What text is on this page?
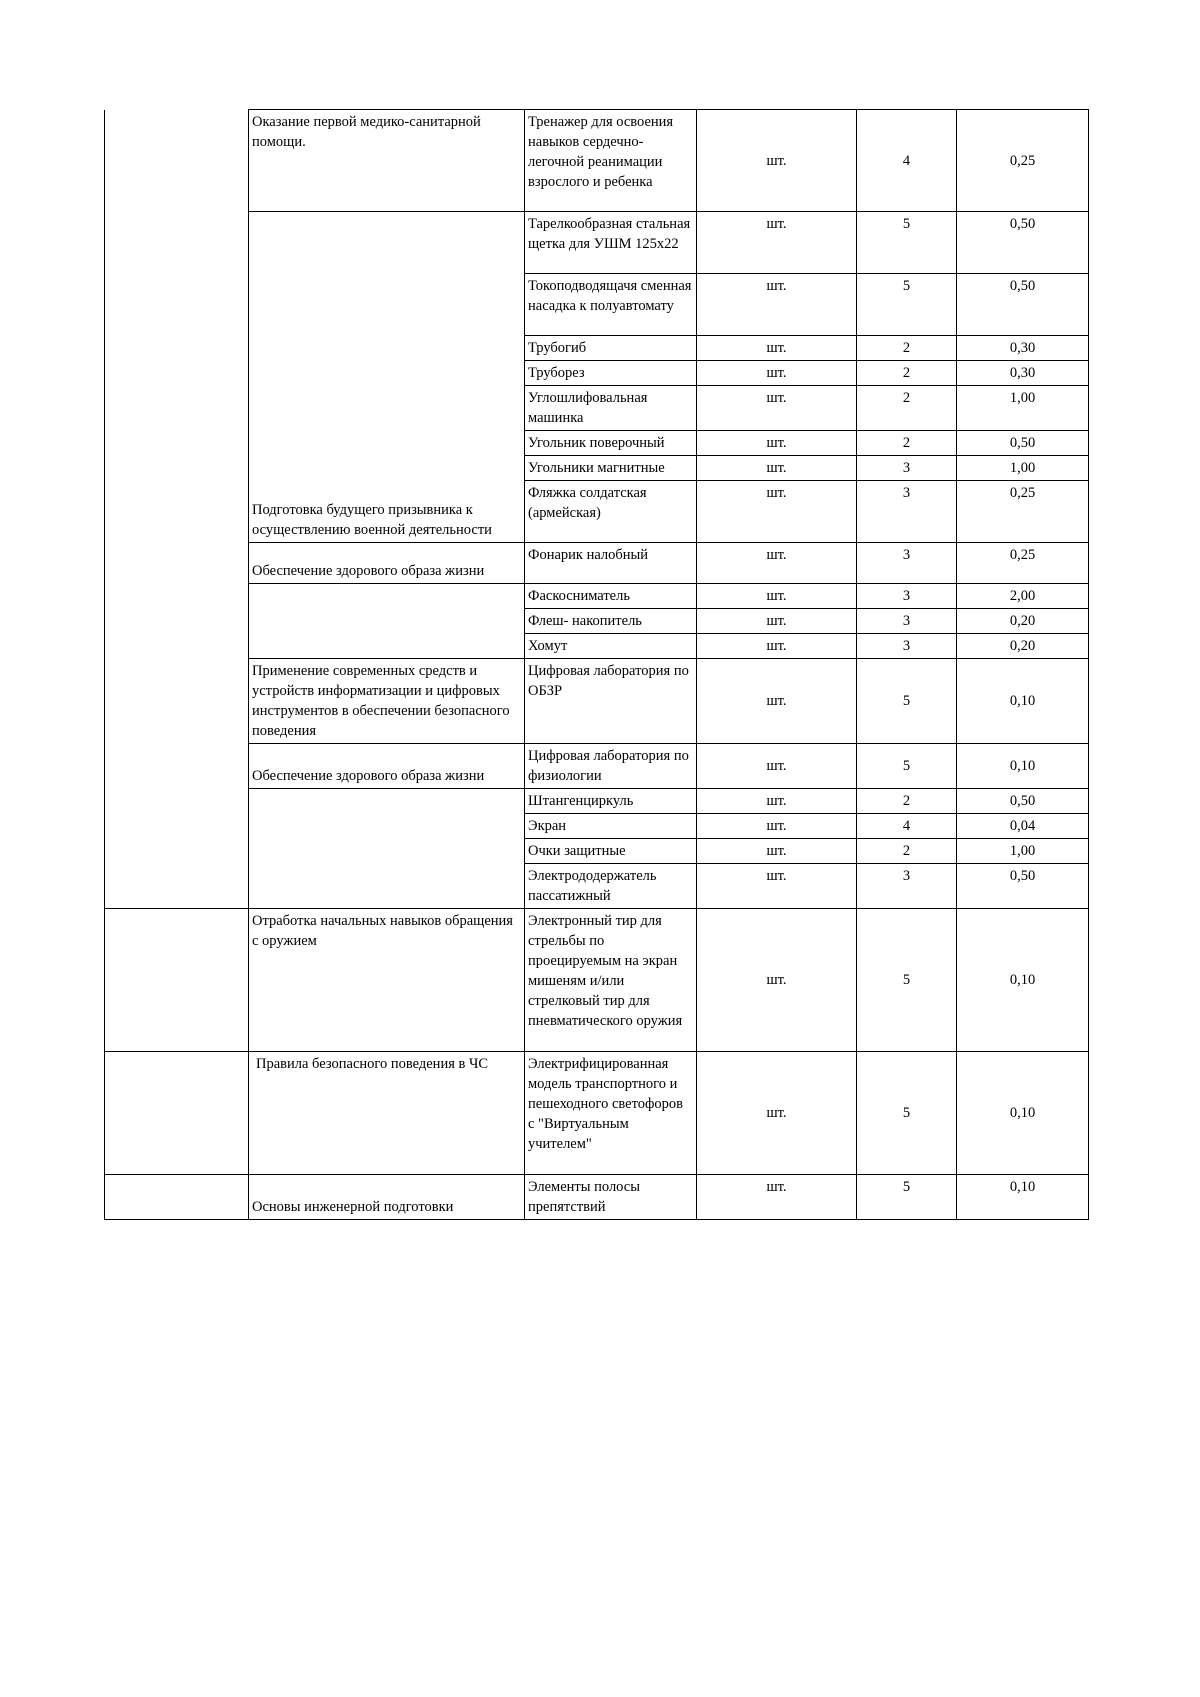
	Оказание первой медико-санитарной помощи.	Тренажер для освоения навыков сердечно-легочной реанимации взрослого и ребенка	шт.	4	0,25
	Подготовка будущего призывника к осуществлению военной деятельности	Тарелкообразная стальная щетка для УШМ 125х22	шт.	5	0,50
		Токоподводящачя сменная насадка к полуавтомату	шт.	5	0,50
		Трубогиб	шт.	2	0,30
		Труборез	шт.	2	0,30
		Углошлифовальная машинка	шт.	2	1,00
		Угольник поверочный	шт.	2	0,50
		Угольники магнитные	шт.	3	1,00
		Фляжка солдатская (армейская)	шт.	3	0,25
	Обеспечение здорового образа жизни	Фонарик налобный	шт.	3	0,25
		Фаскосниматель	шт.	3	2,00
		Флеш- накопитель	шт.	3	0,20
		Хомут	шт.	3	0,20
	Применение современных средств и устройств информатизации и цифровых инструментов в обеспечении безопасного поведения	Цифровая лаборатория по ОБЗР	шт.	5	0,10
	Обеспечение здорового образа жизни	Цифровая лаборатория по физиологии	шт.	5	0,10
		Штангенциркуль	шт.	2	0,50
		Экран	шт.	4	0,04
		Очки защитные	шт.	2	1,00
		Электрододержатель пассатижный	шт.	3	0,50
	Отработка начальных навыков обращения с оружием	Электронный тир для стрельбы по проецируемым на экран мишеням и/или стрелковый тир для пневматического оружия	шт.	5	0,10
	Правила безопасного поведения в ЧС	Электрифицированная модель транспортного и пешеходного светофоров с "Виртуальным учителем"	шт.	5	0,10
	Основы инженерной подготовки	Элементы полосы препятствий	шт.	5	0,10
